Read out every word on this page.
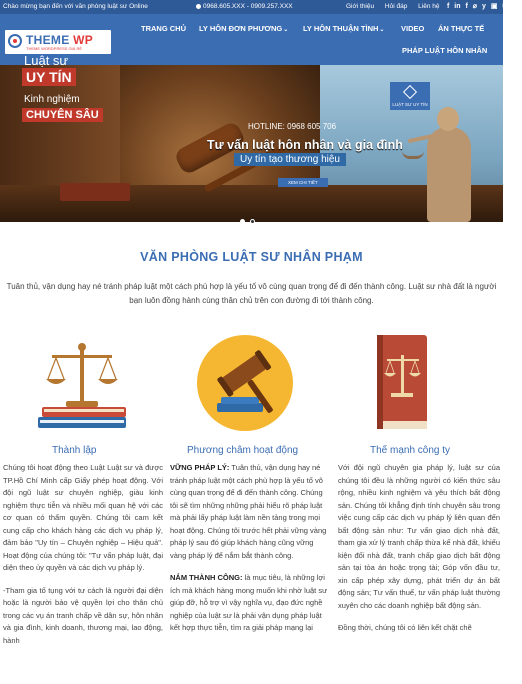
Chào mừng bạn đến với văn phòng luật sư Online	0968.605.XXX - 0909.257.XXX	Giới thiệu Hỏi đáp Liên hệ	f in f ⌀ y ▣ ✉ Q
THEME WP
THEME WORDPRESS GIÁ RẺ
TRANG CHỦ LY HÔN ĐƠN PHƯƠNG⌄ LY HÔN THUẬN TÌNH⌄ VIDEO ÁN THỰC TẾ
PHÁP LUẬT HÔN NHÂN
Luật sư
UY TÍN
Kinh nghiệm
CHUYÊN SÂU
HOTLINE: 0968 605 706
Tư vấn luật hôn nhân và gia đình
Uy tín tạo thương hiệu
XEM CHI TIẾT
LUẬT SƯ UY TÍN
VĂN PHÒNG LUẬT SƯ NHÂN PHẠM
Tuân thủ, vận dụng hay né tránh pháp luật một cách phù hợp là yếu tố vô cùng quan trọng để đi đến thành công. Luật sư nhà đất là người bạn luôn đồng hành cùng thân chủ trên con đường đi tới thành công.
Thành lập	Phương châm hoạt động	Thế mạnh công ty

Chúng tôi hoạt động theo Luật Luật sư và được TP.Hồ Chí Minh cấp Giấy phép hoạt động. Với đội ngũ luật sư chuyên nghiệp, giàu kinh nghiệm thực tiễn và nhiều mối quan hệ với các cơ quan có thẩm quyền. Chúng tôi cam kết cung cấp cho khách hàng các dịch vụ pháp lý, đảm bảo "Uy tín – Chuyên nghiệp – Hiệu quả". Hoạt động của chúng tôi: "Tư vấn pháp luật, đại diện theo ủy quyền và các dịch vụ pháp lý.

-Tham gia tố tụng với tư cách là người đại diện hoặc là người bảo vệ quyền lợi cho thân chủ trong các vụ án tranh chấp về dân sự, hôn nhân và gia đình, kinh doanh, thương mại, lao động, hành

VỮNG PHÁP LÝ: Tuân thủ, vận dụng hay né tránh pháp luật một cách phù hợp là yếu tố vô cùng quan trọng để đi đến thành công. Chúng tôi sẽ tìm những những phải hiểu rõ pháp luật mà phải lấy pháp luật làm nền tảng trong mọi hoạt động. Chúng tôi trước hết phải vững vàng pháp lý sau đó giúp khách hàng cũng vững vàng pháp lý để nắm bắt thành công.

NẮM THÀNH CÔNG: là mục tiêu, là những lợi ích mà khách hàng mong muốn khi nhờ luật sư giúp đỡ, hỗ trợ vì vậy nghĩa vụ, đạo đức nghề nghiệp của luật sư là phải vận dụng pháp luật kết hợp thực tiễn, tìm ra giải pháp mạng lại

Với đội ngũ chuyên gia pháp lý, luật sư của chúng tôi đều là những người có kiến thức sâu rộng, nhiều kinh nghiệm và yêu thích bất động sản. Chúng tôi khẳng định tính chuyên sâu trong việc cung cấp các dịch vụ pháp lý liên quan đến bất động sản như: Tư vấn giao dịch nhà đất, tham gia xử lý tranh chấp thừa kế nhà đất, khiếu kiện đối nhà đất, tranh chấp giao dịch bất động sản tại tòa án hoặc trọng tài; Góp vốn đầu tư, xin cấp phép xây dựng, phát triển dự án bất động sản; Tư vấn thuế, tư vấn pháp luật thường xuyên cho các doanh nghiệp bất động sản.

Đồng thời, chúng tôi có liên kết chặt chẽ
